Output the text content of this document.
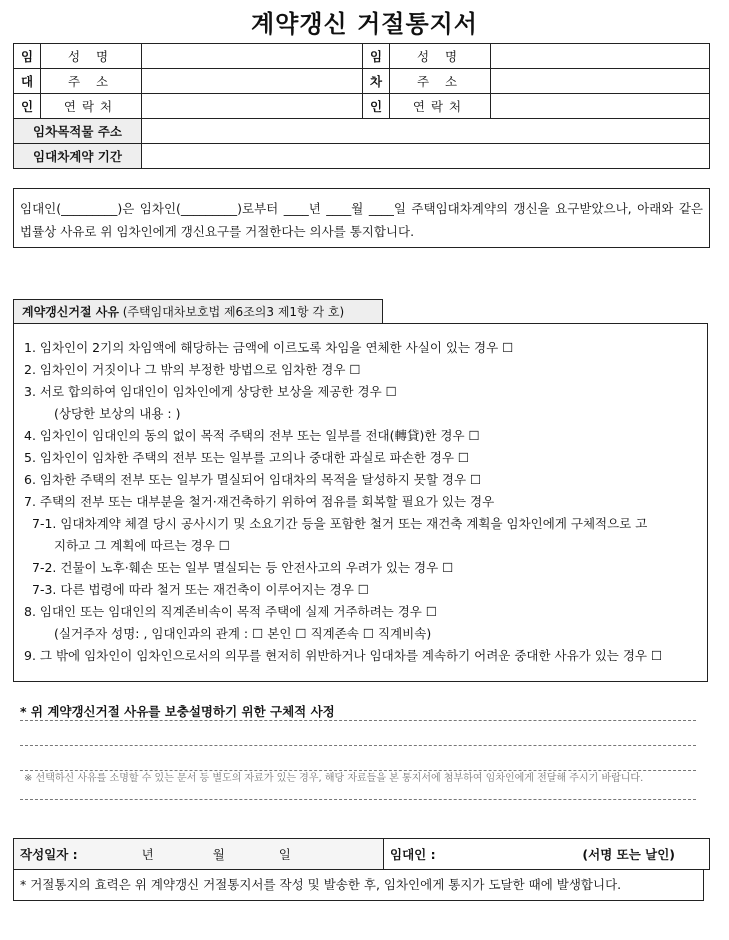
계약갱신 거절통지서
임	성 명		임	성 명	
대	주 소		차	주 소	
인	연락처		인	연락처	
임차목적물 주소					
임대차계약 기간					
임대인(_________)은 임차인(_________)로부터 ____년 ____월 ____일 주택임대차계약의 갱신을 요구받았으나, 아래와 같은 법률상 사유로 위 임차인에게 갱신요구를 거절한다는 의사를 통지합니다.
계약갱신거절 사유 (주택임대차보호법 제6조의3 제1항 각 호)
1. 임차인이 2기의 차임액에 해당하는 금액에 이르도록 차임을 연체한 사실이 있는 경우 ☐
2. 임차인이 거짓이나 그 밖의 부정한 방법으로 임차한 경우 ☐
3. 서로 합의하여 임대인이 임차인에게 상당한 보상을 제공한 경우 ☐
(상당한 보상의 내용 : )
4. 임차인이 임대인의 동의 없이 목적 주택의 전부 또는 일부를 전대(轉貸)한 경우 ☐
5. 임차인이 임차한 주택의 전부 또는 일부를 고의나 중대한 과실로 파손한 경우 ☐
6. 임차한 주택의 전부 또는 일부가 멸실되어 임대차의 목적을 달성하지 못할 경우 ☐
7. 주택의 전부 또는 대부분을 철거·재건축하기 위하여 점유를 회복할 필요가 있는 경우
7-1. 임대차계약 체결 당시 공사시기 및 소요기간 등을 포함한 철거 또는 재건축 계획을 임차인에게 구체적으로 고
지하고 그 계획에 따르는 경우 ☐
7-2. 건물이 노후·훼손 또는 일부 멸실되는 등 안전사고의 우려가 있는 경우 ☐
7-3. 다른 법령에 따라 철거 또는 재건축이 이루어지는 경우 ☐
8. 임대인 또는 임대인의 직계존비속이 목적 주택에 실제 거주하려는 경우 ☐
(실거주자 성명: , 임대인과의 관계 : ☐ 본인 ☐ 직계존속 ☐ 직계비속)
9. 그 밖에 임차인이 임차인으로서의 의무를 현저히 위반하거나 임대차를 계속하기 어려운 중대한 사유가 있는 경우 ☐
* 위 계약갱신거절 사유를 보충설명하기 위한 구체적 사정
※ 선택하신 사유를 소명할 수 있는 문서 등 별도의 자료가 있는 경우, 해당 자료들을 본 통지서에 첨부하여 임차인에게 전달해 주시기 바랍니다.
작성일자 :	년	월	일	임대인 :	(서명 또는 날인)
* 거절통지의 효력은 위 계약갱신 거절통지서를 작성 및 발송한 후, 임차인에게 통지가 도달한 때에 발생합니다.
